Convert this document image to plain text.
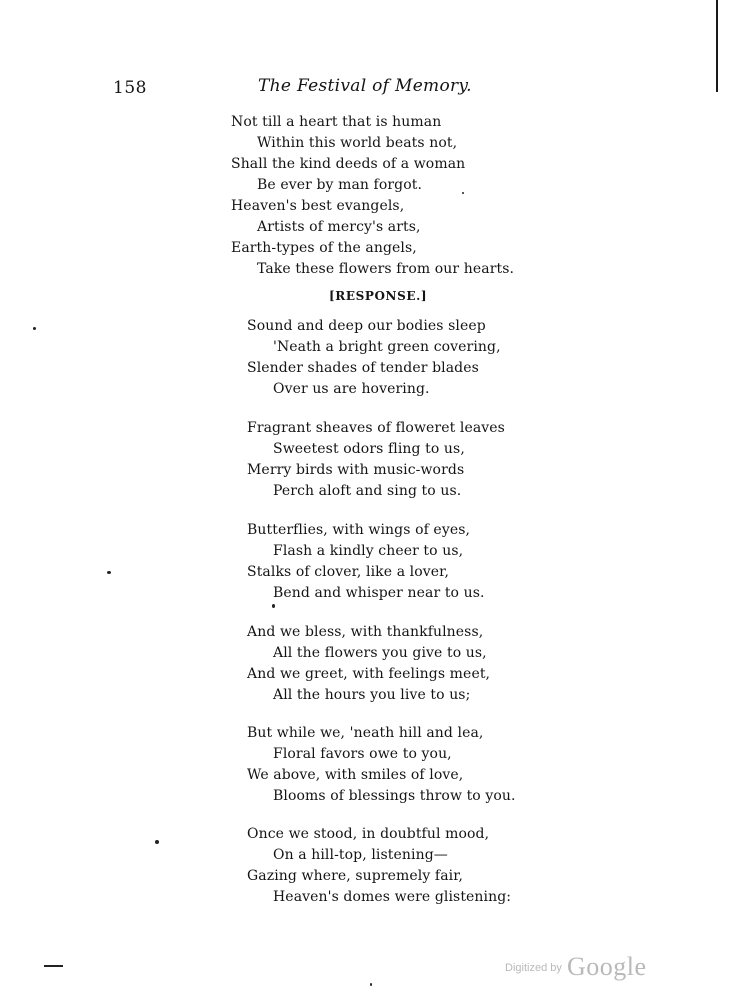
158	The Festival of Memory.
Not till a heart that is human
Within this world beats not,
Shall the kind deeds of a woman
Be ever by man forgot.
Heaven's best evangels,
Artists of mercy's arts,
Earth-types of the angels,
Take these flowers from our hearts.
[RESPONSE.]
Sound and deep our bodies sleep
'Neath a bright green covering,
Slender shades of tender blades
Over us are hovering.
Fragrant sheaves of floweret leaves
Sweetest odors fling to us,
Merry birds with music-words
Perch aloft and sing to us.
Butterflies, with wings of eyes,
Flash a kindly cheer to us,
Stalks of clover, like a lover,
Bend and whisper near to us.
And we bless, with thankfulness,
All the flowers you give to us,
And we greet, with feelings meet,
All the hours you live to us;
But while we, 'neath hill and lea,
Floral favors owe to you,
We above, with smiles of love,
Blooms of blessings throw to you.
Once we stood, in doubtful mood,
On a hill-top, listening—
Gazing where, supremely fair,
Heaven's domes were glistening:
$^{Digitized by}$ Google
